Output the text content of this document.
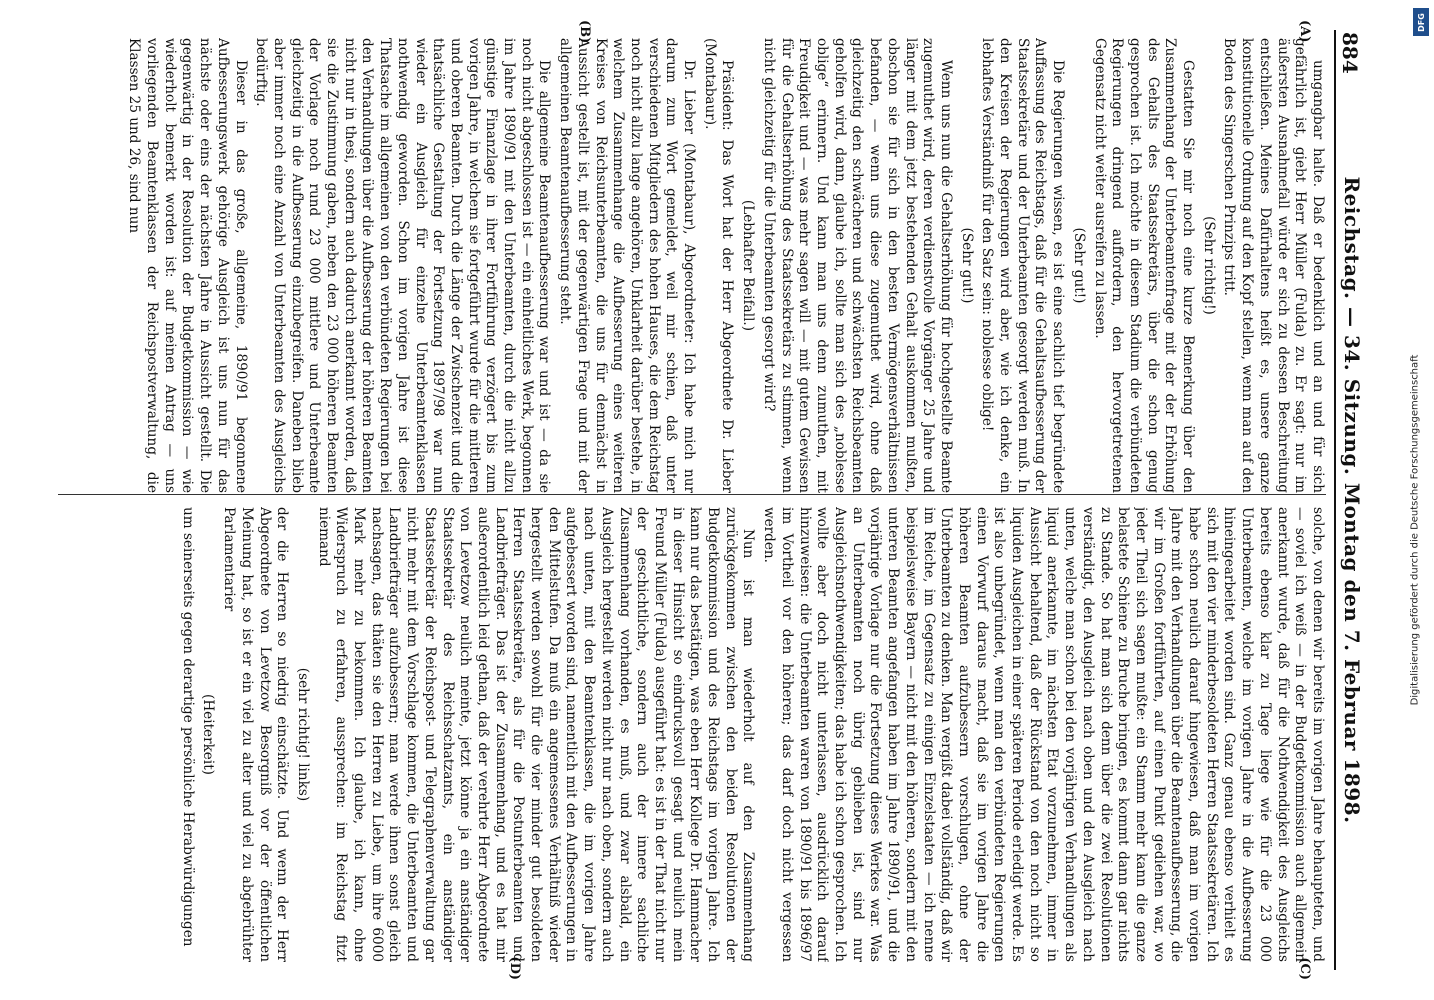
884
Reichstag. — 34. Sitzung. Montag den 7. Februar 1898.
(A)
(B)
(C)
(D)

umgangbar halte. Daß er bedenklich und an und für sich gefährlich ist, giebt Herr Müller (Fulda) zu. Er sagt: nur im äußersten Ausnahmefall würde er sich zu dessen Beschreitung entschließen. Meines Dafürhaltens heißt es, unsere ganze konstitutionelle Ordnung auf den Kopf stellen, wenn man auf den Boden des Singerschen Prinzips tritt.

(Sehr richtig!)

Gestatten Sie mir noch eine kurze Bemerkung über den Zusammenhang der Unterbeamtenfrage mit der der Erhöhung des Gehalts des Staatssekretärs, über die schon genug gesprochen ist. Ich möchte in diesem Stadium die verbündeten Regierungen dringend auffordern, den hervorgetretenen Gegensatz nicht weiter ausreifen zu lassen.

(Sehr gut!)

Die Regierungen wissen, es ist eine sachlich tief begründete Auffassung des Reichstags, daß für die Gehaltsaufbesserung der Staatssekretäre und der Unterbeamten gesorgt werden muß. In den Kreisen der Regierungen wird aber, wie ich denke, ein lebhaftes Verständniß für den Satz sein: noblesse oblige!

(Sehr gut!)

Wenn uns nun die Gehaltserhöhung für hochgestellte Beamte zugemuthet wird, deren verdienstvolle Vorgänger 25 Jahre und länger mit dem jetzt bestehenden Gehalt auskommen mußten, obschon sie für sich in den besten Vermögensverhältnissen befanden, — wenn uns diese zugemuthet wird, ohne daß gleichzeitig den schwächeren und schwächsten Reichsbeamten geholfen wird, dann, glaube ich, sollte man sich des „noblesse oblige“ erinnern. Und kann man uns denn zumuthen, mit Freudigkeit und — was mehr sagen will — mit gutem Gewissen für die Gehaltserhöhung des Staatssekretärs zu stimmen, wenn nicht gleichzeitig für die Unterbeamten gesorgt wird?

(Lebhafter Beifall.)

Präsident: Das Wort hat der Herr Abgeordnete Dr. Lieber (Montabaur).

Dr. Lieber (Montabaur), Abgeordneter: Ich habe mich nur darum zum Wort gemeldet, weil mir schien, daß unter verschiedenen Mitgliedern des hohen Hauses, die dem Reichstag noch nicht allzu lange angehören, Unklarheit darüber bestehe, in welchem Zusammenhange die Aufbesserung eines weiteren Kreises von Reichsunterbeamten, die uns für demnächst in Aussicht gestellt ist, mit der gegenwärtigen Frage und mit der allgemeinen Beamtenaufbesserung steht.

Die allgemeine Beamtenaufbesserung war und ist — da sie noch nicht abgeschlossen ist — ein einheitliches Werk, begonnen im Jahre 1890/91 mit den Unterbeamten, durch die nicht allzu günstige Finanzlage in ihrer Fortführung verzögert bis zum vorigen Jahre, in welchem sie fortgeführt wurde für die mittleren und oberen Beamten. Durch die Länge der Zwischenzeit und die thatsächliche Gestaltung der Fortsetzung 1897/98 war nun wieder ein Ausgleich für einzelne Unterbeamtenklassen nothwendig geworden. Schon im vorigen Jahre ist diese Thatsache im allgemeinen von den verbündeten Regierungen bei den Verhandlungen über die Aufbesserung der höheren Beamten nicht nur in thesi, sondern auch dadurch anerkannt worden, daß sie die Zustimmung gaben, neben den 23 000 höheren Beamten der Vorlage noch rund 23 000 mittlere und Unterbeamte gleichzeitig in die Aufbesserung einzubegreifen. Daneben blieb aber immer noch eine Anzahl von Unterbeamten des Ausgleichs bedürftig.

Dieser in das große, allgemeine, 1890/91 begonnene Aufbesserungswerk gehörige Ausgleich ist uns nun für das nächste oder eins der nächsten Jahre in Aussicht gestellt. Die gegenwärtig in der Resolution der Budgetkommission — wie wiederholt bemerkt worden ist: auf meinen Antrag — uns vorliegenden Beamtenklassen der Reichspostverwaltung, die Klassen 25 und 26, sind nun

solche, von denen wir bereits im vorigen Jahre behaupteten, und — soviel ich weiß — in der Budgetkommission auch allgemein anerkannt wurde, daß für die Nothwendigkeit des Ausgleichs bereits ebenso klar zu Tage liege wie für die 23 000 Unterbeamten, welche im vorigen Jahre in die Aufbesserung hineingearbeitet worden sind. Ganz genau ebenso verhielt es sich mit den vier minderbesoldeten Herren Staatssekretären. Ich habe schon neulich darauf hingewiesen, daß man im vorigen Jahre mit den Verhandlungen über die Beamtenaufbesserung, die wir im Großen fortführten, auf einen Punkt gediehen war, wo jeder Theil sich sagen mußte: ein Stamm mehr kann die ganze belastete Schiene zu Bruche bringen, es kommt dann gar nichts zu Stande. So hat man sich denn über die zwei Resolutionen verständigt, den Ausgleich nach oben und den Ausgleich nach unten, welche man schon bei den vorjährigen Verhandlungen als liquid anerkannte, im nächsten Etat vorzunehmen, immer in Aussicht behaltend, daß der Rückstand von den noch nicht so liquiden Ausgleichen in einer späteren Periode erledigt werde. Es ist also unbegründet, wenn man den verbündeten Regierungen einen Vorwurf daraus macht, daß sie im vorigen Jahre die höheren Beamten aufzubessern vorschlugen, ohne der Unterbeamten zu denken. Man vergißt dabei vollständig, daß wir im Reiche, im Gegensatz zu einigen Einzelstaaten — ich nenne beispielsweise Bayern — nicht mit den höheren, sondern mit den unteren Beamten angefangen haben im Jahre 1890/91, und die vorjährige Vorlage nur die Fortsetzung dieses Werkes war. Was an Unterbeamten noch übrig geblieben ist, sind nur Ausgleichsnothwendigkeiten; das habe ich schon gesprochen. Ich wollte aber doch nicht unterlassen, ausdrücklich darauf hinzuweisen: die Unterbeamten waren von 1890/91 bis 1896/97 im Vortheil vor den höheren; das darf doch nicht vergessen werden.

Nun ist man wiederholt auf den Zusammenhang zurückgekommen zwischen den beiden Resolutionen der Budgetkommission und des Reichstags im vorigen Jahre. Ich kann nur das bestätigen, was eben Herr Kollege Dr. Hammacher in dieser Hinsicht so eindrucksvoll gesagt und neulich mein Freund Müller (Fulda) ausgeführt hat: es ist in der That nicht nur der geschichtliche, sondern auch der innere sachliche Zusammenhang vorhanden, es muß, und zwar alsbald, ein Ausgleich hergestellt werden nicht nur nach oben, sondern auch nach unten, mit den Beamtenklassen, die im vorigen Jahre aufgebessert worden sind, namentlich mit den Aufbesserungen in den Mittelstufen. Da muß ein angemessenes Verhältniß wieder hergestellt werden sowohl für die vier minder gut besoldeten Herren Staatssekretäre, als für die Postunterbeamten und Landbriefträger. Das ist der Zusammenhang, und es hat mir außerordentlich leid gethan, daß der verehrte Herr Abgeordnete von Levetzow neulich meinte, jetzt könne ja ein anständiger Staatssekretär des Reichsschatzamts, ein anständiger Staatssekretär der Reichspost- und Telegraphenverwaltung gar nicht mehr mit dem Vorschlage kommen, die Unterbeamten und Landbriefträger aufzubessern; man werde ihnen sonst gleich nachsagen, das thäten sie den Herren zu Liebe, um ihre 6000 Mark mehr zu bekommen. Ich glaube, ich kann, ohne Widerspruch zu erfahren, aussprechen: im Reichstag fitzt niemand

(sehr richtig! links)

der die Herren so niedrig einschätzte. Und wenn der Herr Abgeordnete von Levetzow Besorgniß vor der öffentlichen Meinung hat, so ist er ein viel zu alter und viel zu abgebrühter Parlamentarier

(Heiterkeit)

um seinerseits gegen derartige persönliche Herabwürdigungen

DFG
Digitalisierung gefördert durch die Deutsche Forschungsgemeinschaft
